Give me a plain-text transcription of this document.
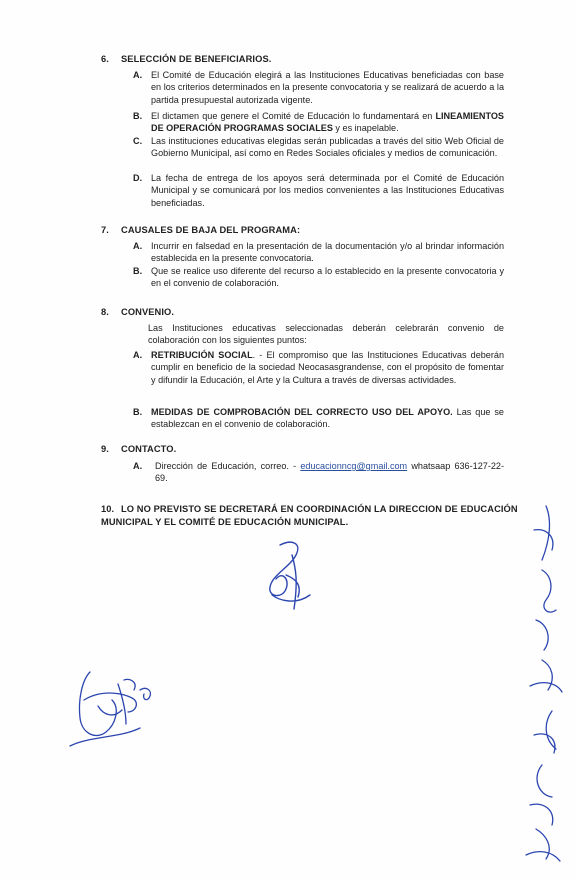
6. SELECCIÓN DE BENEFICIARIOS.
A. El Comité de Educación elegirá a las Instituciones Educativas beneficiadas con base en los criterios determinados en la presente convocatoria y se realizará de acuerdo a la partida presupuestal autorizada vigente.
B. El dictamen que genere el Comité de Educación lo fundamentará en LINEAMIENTOS DE OPERACIÓN PROGRAMAS SOCIALES y es inapelable.
C. Las instituciones educativas elegidas serán publicadas a través del sitio Web Oficial de Gobierno Municipal, así como en Redes Sociales oficiales y medios de comunicación.
D. La fecha de entrega de los apoyos será determinada por el Comité de Educación Municipal y se comunicará por los medios convenientes a las Instituciones Educativas beneficiadas.
7. CAUSALES DE BAJA DEL PROGRAMA:
A. Incurrir en falsedad en la presentación de la documentación y/o al brindar información establecida en la presente convocatoria.
B. Que se realice uso diferente del recurso a lo establecido en la presente convocatoria y en el convenio de colaboración.
8. CONVENIO.
Las Instituciones educativas seleccionadas deberán celebrarán convenio de colaboración con los siguientes puntos:
A. RETRIBUCIÓN SOCIAL. - El compromiso que las Instituciones Educativas deberán cumplir en beneficio de la sociedad Neocasasgrandense, con el propósito de fomentar y difundir la Educación, el Arte y la Cultura a través de diversas actividades.
B. MEDIDAS DE COMPROBACIÓN DEL CORRECTO USO DEL APOYO. Las que se establezcan en el convenio de colaboración.
9. CONTACTO.
A. Dirección de Educación, correo. - educacionncg@gmail.com whatsaap 636-127-22-69.
10. LO NO PREVISTO SE DECRETARÁ EN COORDINACIÓN LA DIRECCION DE EDUCACIÓN MUNICIPAL Y EL COMITÉ DE EDUCACIÓN MUNICIPAL.
